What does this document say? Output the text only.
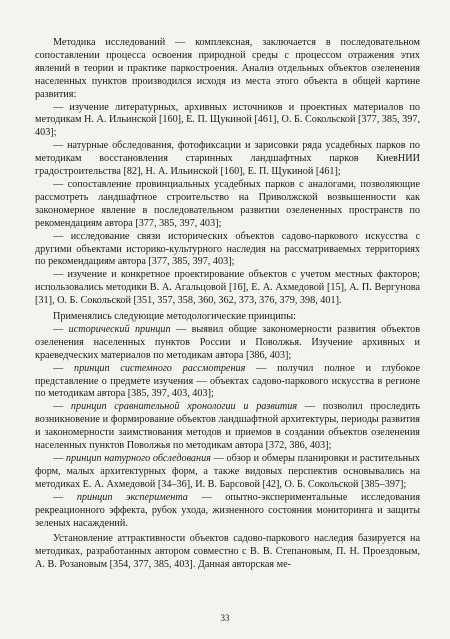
Методика исследований — комплексная, заключается в последовательном сопоставлении процесса освоения природной среды с процессом отражения этих явлений в теории и практике паркостроения. Анализ отдельных объектов озеленения населенных пунктов производился исходя из места этого объекта в общей картине развития:

— изучение литературных, архивных источников и проектных материалов по методикам Н. А. Ильинской [160], Е. П. Щукиной [461], О. Б. Сокольской [377, 385, 397, 403];

— натурные обследования, фотофиксации и зарисовки ряда усадебных парков по методикам восстановления старинных ландшафтных парков КиевНИИ градостроительства [82], Н. А. Ильинской [160], Е. П. Щукиной [461];

— сопоставление провинциальных усадебных парков с аналогами, позволяющие рассмотреть ландшафтное строительство на Приволжской возвышенности как закономерное явление в последовательном развитии озелененных пространств по рекомендациям автора [377, 385, 397, 403];

— исследование связи исторических объектов садово-паркового искусства с другими объектами историко-культурного наследия на рассматриваемых территориях по рекомендациям автора [377, 385, 397, 403];

— изучение и конкретное проектирование объектов с учетом местных факторов; использовались методики В. А. Агальцовой [16], Е. А. Ахмедовой [15], А. П. Вергунова [31], О. Б. Сокольской [351, 357, 358, 360, 362, 373, 376, 379, 398, 401].

Применялись следующие методологические принципы:

— исторический принцип — выявил общие закономерности развития объектов озеленения населенных пунктов России и Поволжья. Изучение архивных и краеведческих материалов по методикам автора [386, 403];

— принцип системного рассмотрения — получил полное и глубокое представление о предмете изучения — объектах садово-паркового искусства в регионе по методикам автора [385, 397, 403, 403];

— принцип сравнительной хронологии и развития — позволил проследить возникновение и формирование объектов ландшафтной архитектуры, периоды развития и закономерности заимствования методов и приемов в создании объектов озеленения населенных пунктов Поволжья по методикам автора [372, 386, 403];

— принцип натурного обследования — обзор и обмеры планировки и растительных форм, малых архитектурных форм, а также видовых перспектив основывались на методиках Е. А. Ахмедовой [34–36], И. В. Барсовой [42], О. Б. Сокольской [385–397];

— принцип эксперимента — опытно-экспериментальные исследования рекреационного эффекта, рубок ухода, жизненного состояния мониторинга и защиты зеленых насаждений.

Установление аттрактивности объектов садово-паркового наследия базируется на методиках, разработанных автором совместно с В. В. Степановым, П. Н. Проездовым, А. В. Розановым [354, 377, 385, 403]. Данная авторская ме-

33
